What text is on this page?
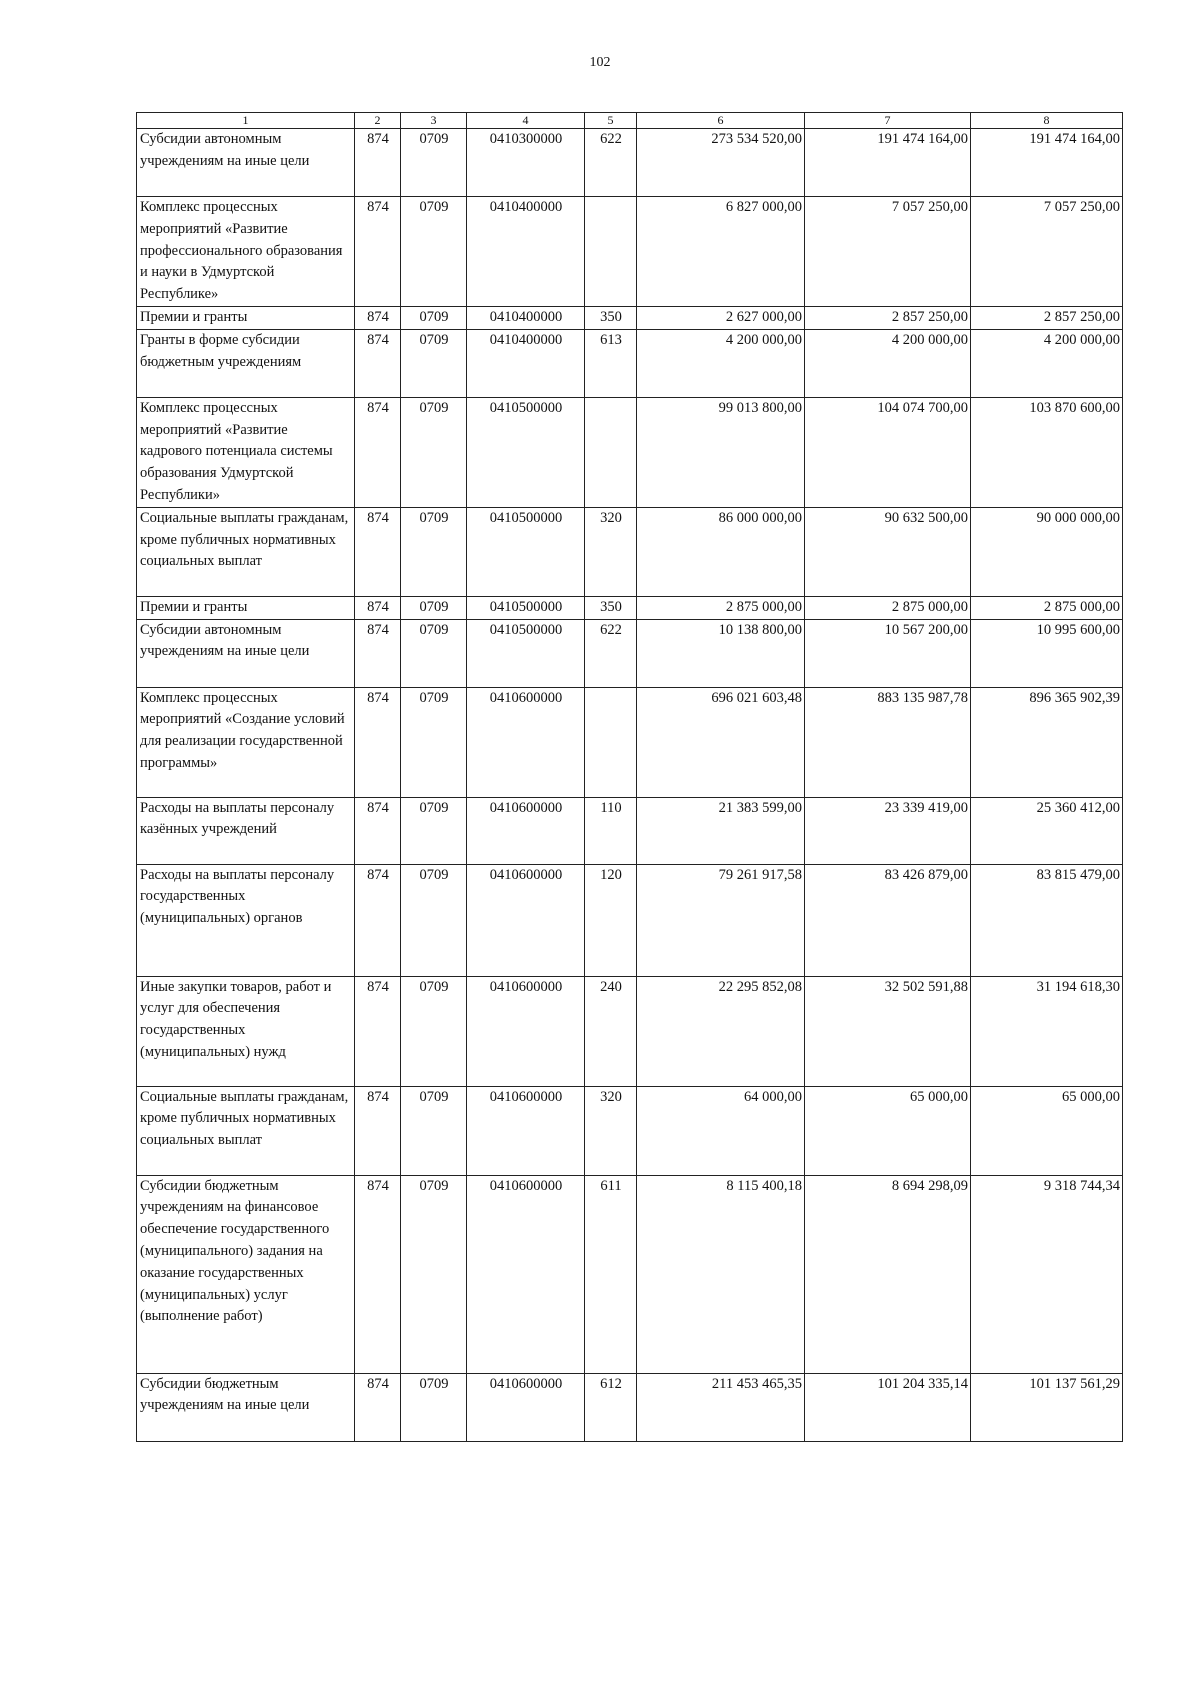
102
1	2	3	4	5	6	7	8
Субсидии автономным учреждениям на иные цели	874	0709	0410300000	622	273 534 520,00	191 474 164,00	191 474 164,00
Комплекс процессных мероприятий «Развитие профессионального образования и науки в Удмуртской Республике»	874	0709	0410400000		6 827 000,00	7 057 250,00	7 057 250,00
Премии и гранты	874	0709	0410400000	350	2 627 000,00	2 857 250,00	2 857 250,00
Гранты в форме субсидии бюджетным учреждениям	874	0709	0410400000	613	4 200 000,00	4 200 000,00	4 200 000,00
Комплекс процессных мероприятий «Развитие кадрового потенциала системы образования Удмуртской Республики»	874	0709	0410500000		99 013 800,00	104 074 700,00	103 870 600,00
Социальные выплаты гражданам, кроме публичных нормативных социальных выплат	874	0709	0410500000	320	86 000 000,00	90 632 500,00	90 000 000,00
Премии и гранты	874	0709	0410500000	350	2 875 000,00	2 875 000,00	2 875 000,00
Субсидии автономным учреждениям на иные цели	874	0709	0410500000	622	10 138 800,00	10 567 200,00	10 995 600,00
Комплекс процессных мероприятий «Создание условий для реализации государственной программы»	874	0709	0410600000		696 021 603,48	883 135 987,78	896 365 902,39
Расходы на выплаты персоналу казённых учреждений	874	0709	0410600000	110	21 383 599,00	23 339 419,00	25 360 412,00
Расходы на выплаты персоналу государственных (муниципальных) органов	874	0709	0410600000	120	79 261 917,58	83 426 879,00	83 815 479,00
Иные закупки товаров, работ и услуг для обеспечения государственных (муниципальных) нужд	874	0709	0410600000	240	22 295 852,08	32 502 591,88	31 194 618,30
Социальные выплаты гражданам, кроме публичных нормативных социальных выплат	874	0709	0410600000	320	64 000,00	65 000,00	65 000,00
Субсидии бюджетным учреждениям на финансовое обеспечение государственного (муниципального) задания на оказание государственных (муниципальных) услуг (выполнение работ)	874	0709	0410600000	611	8 115 400,18	8 694 298,09	9 318 744,34
Субсидии бюджетным учреждениям на иные цели	874	0709	0410600000	612	211 453 465,35	101 204 335,14	101 137 561,29
